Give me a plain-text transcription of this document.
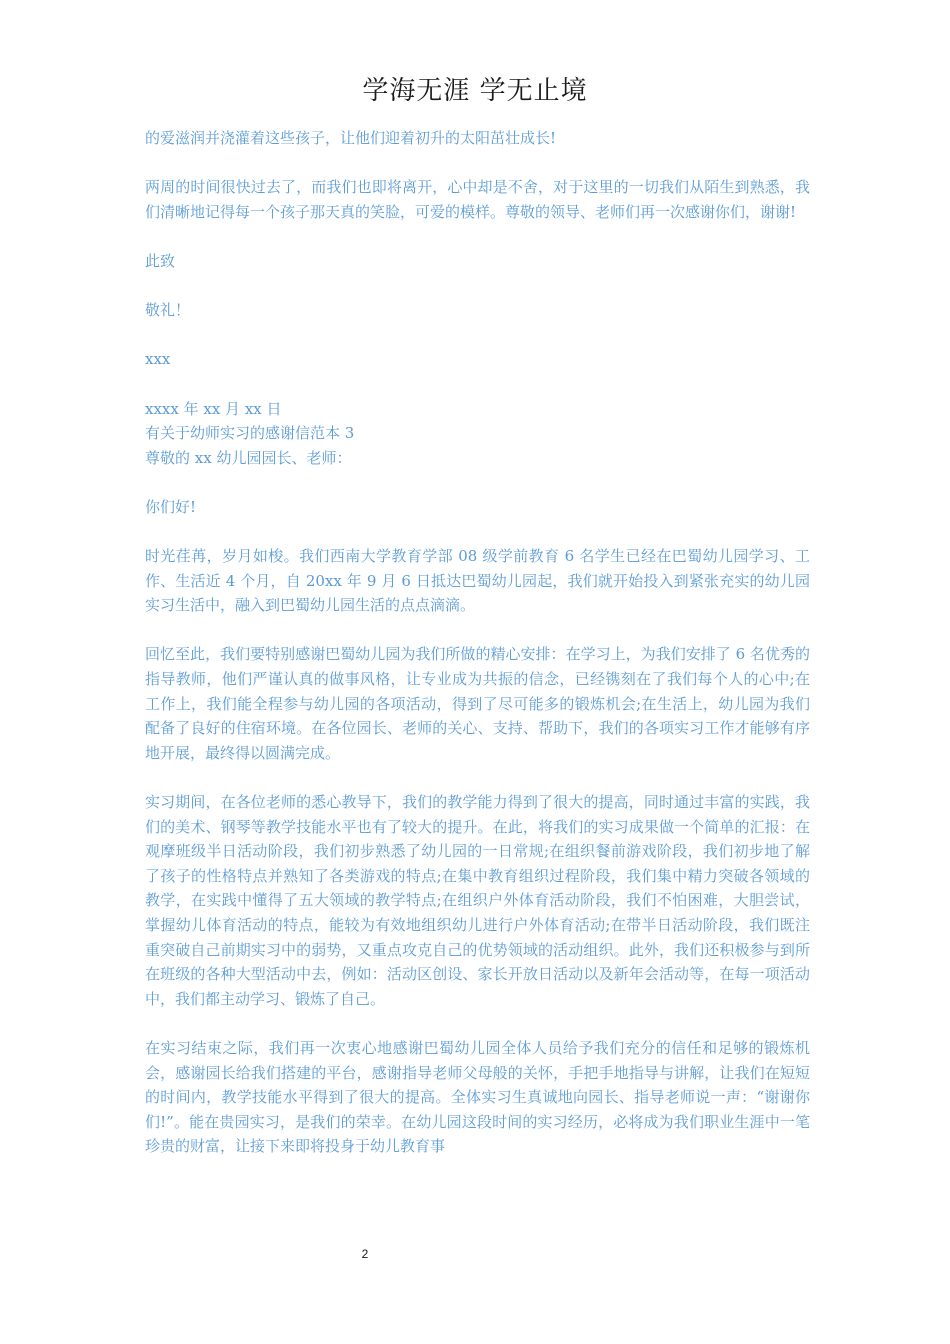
学海无涯 学无止境

的爱滋润并浇灌着这些孩子，让他们迎着初升的太阳茁壮成长!

两周的时间很快过去了，而我们也即将离开，心中却是不舍，对于这里的一切我们从陌生到熟悉，我们清晰地记得每一个孩子那天真的笑脸，可爱的模样。尊敬的领导、老师们再一次感谢你们，谢谢!

此致

敬礼！

xxx

xxxx 年 xx 月 xx 日

有关于幼师实习的感谢信范本 3

尊敬的 xx 幼儿园园长、老师：

你们好!

时光荏苒，岁月如梭。我们西南大学教育学部 08 级学前教育 6 名学生已经在巴蜀幼儿园学习、工作、生活近 4 个月，自 20xx 年 9 月 6 日抵达巴蜀幼儿园起，我们就开始投入到紧张充实的幼儿园实习生活中，融入到巴蜀幼儿园生活的点点滴滴。

回忆至此，我们要特别感谢巴蜀幼儿园为我们所做的精心安排：在学习上，为我们安排了 6 名优秀的指导教师，他们严谨认真的做事风格，让专业成为共振的信念，已经镌刻在了我们每个人的心中;在工作上，我们能全程参与幼儿园的各项活动，得到了尽可能多的锻炼机会;在生活上，幼儿园为我们配备了良好的住宿环境。在各位园长、老师的关心、支持、帮助下，我们的各项实习工作才能够有序地开展，最终得以圆满完成。

实习期间，在各位老师的悉心教导下，我们的教学能力得到了很大的提高，同时通过丰富的实践，我们的美术、钢琴等教学技能水平也有了较大的提升。在此，将我们的实习成果做一个简单的汇报：在观摩班级半日活动阶段，我们初步熟悉了幼儿园的一日常规;在组织餐前游戏阶段，我们初步地了解了孩子的性格特点并熟知了各类游戏的特点;在集中教育组织过程阶段，我们集中精力突破各领域的教学，在实践中懂得了五大领域的教学特点;在组织户外体育活动阶段，我们不怕困难，大胆尝试，掌握幼儿体育活动的特点，能较为有效地组织幼儿进行户外体育活动;在带半日活动阶段，我们既注重突破自己前期实习中的弱势，又重点攻克自己的优势领域的活动组织。此外，我们还积极参与到所在班级的各种大型活动中去，例如：活动区创设、家长开放日活动以及新年会活动等，在每一项活动中，我们都主动学习、锻炼了自己。

在实习结束之际，我们再一次衷心地感谢巴蜀幼儿园全体人员给予我们充分的信任和足够的锻炼机会，感谢园长给我们搭建的平台，感谢指导老师父母般的关怀，手把手地指导与讲解，让我们在短短的时间内，教学技能水平得到了很大的提高。全体实习生真诚地向园长、指导老师说一声：“谢谢你们!”。能在贵园实习，是我们的荣幸。在幼儿园这段时间的实习经历，必将成为我们职业生涯中一笔珍贵的财富，让接下来即将投身于幼儿教育事

2
